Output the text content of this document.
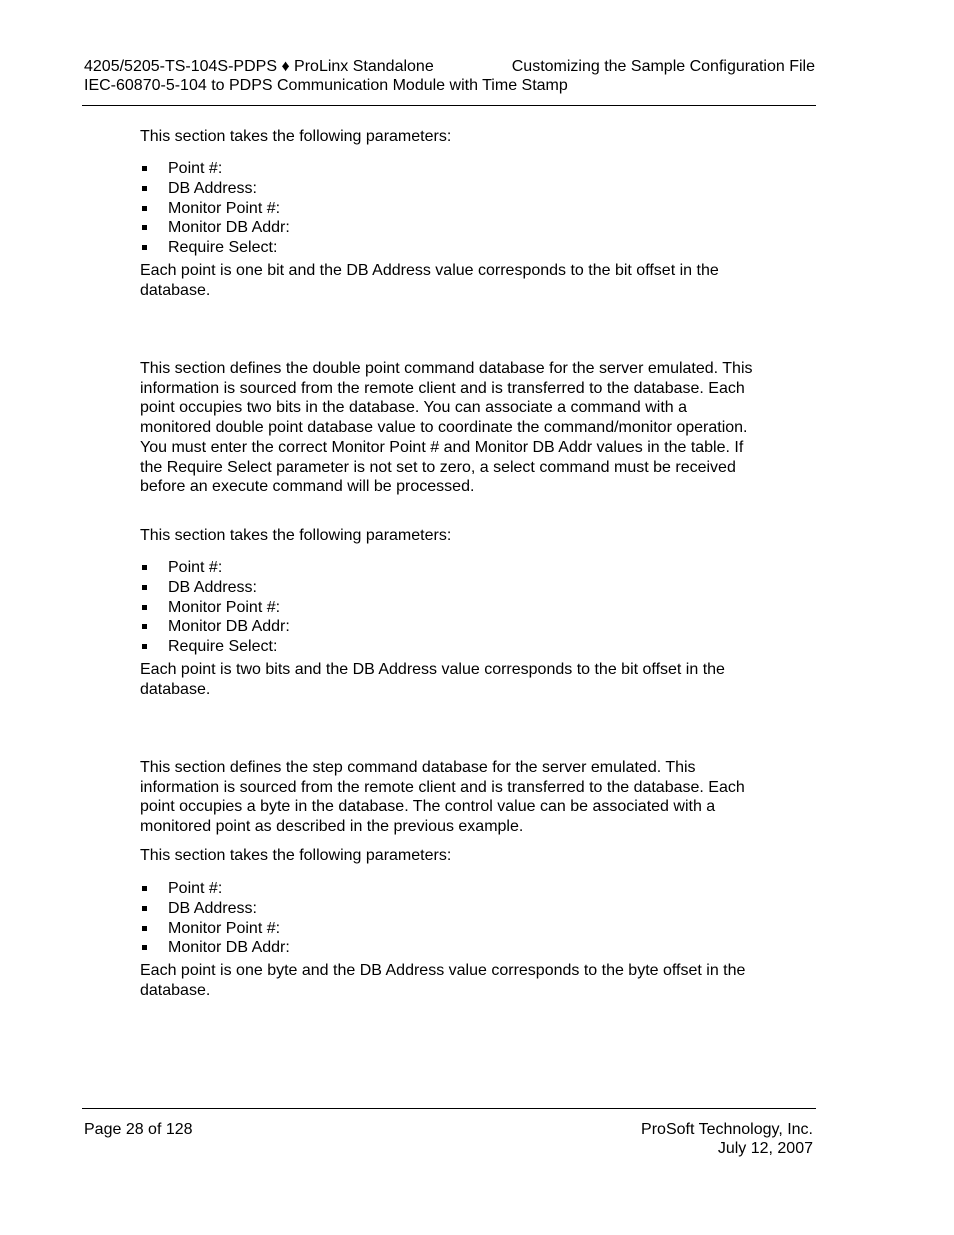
4205/5205-TS-104S-PDPS ♦ ProLinx Standalone	Customizing the Sample Configuration File
IEC-60870-5-104 to PDPS Communication Module with Time Stamp

This section takes the following parameters:

Point #:
DB Address:
Monitor Point #:
Monitor DB Addr:
Require Select:

Each point is one bit and the DB Address value corresponds to the bit offset in the database.

This section defines the double point command database for the server emulated. This information is sourced from the remote client and is transferred to the database. Each point occupies two bits in the database. You can associate a command with a monitored double point database value to coordinate the command/monitor operation. You must enter the correct Monitor Point # and Monitor DB Addr values in the table. If the Require Select parameter is not set to zero, a select command must be received before an execute command will be processed.

This section takes the following parameters:

Point #:
DB Address:
Monitor Point #:
Monitor DB Addr:
Require Select:

Each point is two bits and the DB Address value corresponds to the bit offset in the database.

This section defines the step command database for the server emulated. This information is sourced from the remote client and is transferred to the database. Each point occupies a byte in the database. The control value can be associated with a monitored point as described in the previous example.

This section takes the following parameters:

Point #:
DB Address:
Monitor Point #:
Monitor DB Addr:

Each point is one byte and the DB Address value corresponds to the byte offset in the database.

Page 28 of 128	ProSoft Technology, Inc.
July 12, 2007
